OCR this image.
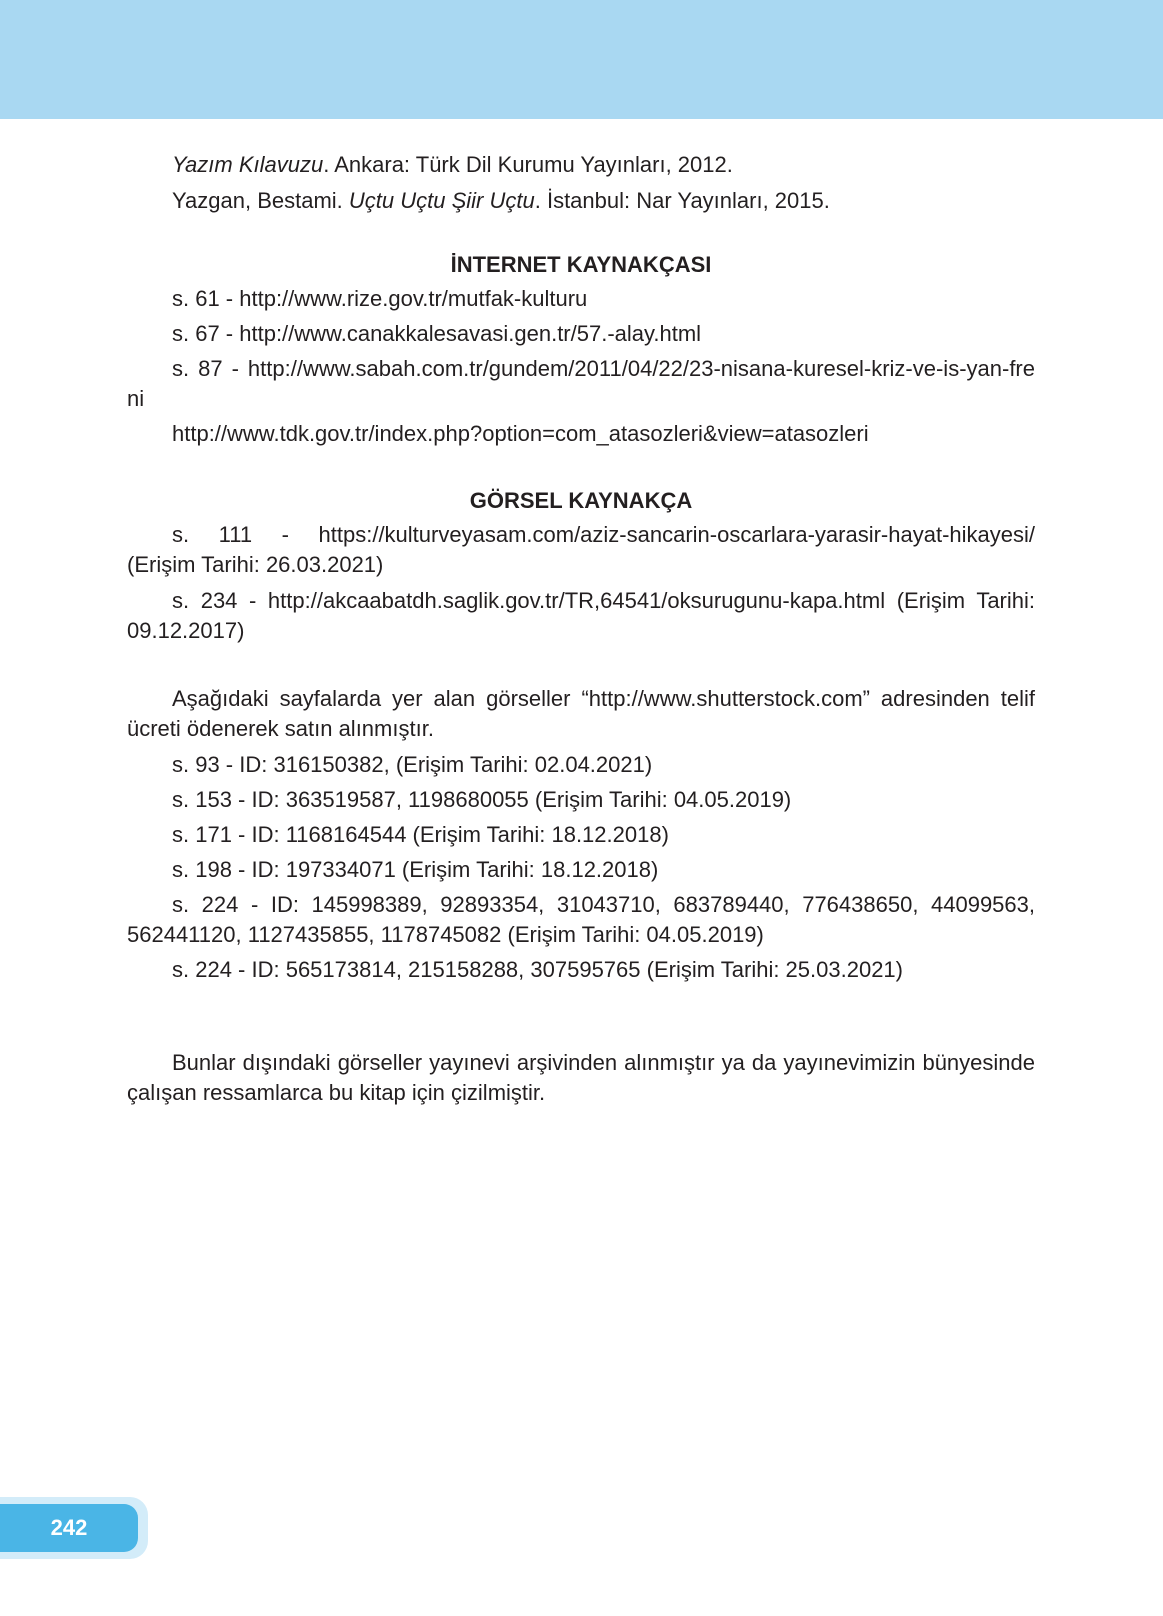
Yazım Kılavuzu. Ankara: Türk Dil Kurumu Yayınları, 2012.

Yazgan, Bestami. Uçtu Uçtu Şiir Uçtu. İstanbul: Nar Yayınları, 2015.

İNTERNET KAYNAKÇASI

s. 61 - http://www.rize.gov.tr/mutfak-kulturu

s. 67 - http://www.canakkalesavasi.gen.tr/57.-alay.html

s. 87 - http://www.sabah.com.tr/gundem/2011/04/22/23-nisana-kuresel-kriz-ve-is-yan-freni

http://www.tdk.gov.tr/index.php?option=com_atasozleri&view=atasozleri

GÖRSEL KAYNAKÇA

s. 111 - https://kulturveyasam.com/aziz-sancarin-oscarlara-yarasir-hayat-hikayesi/ (Erişim Tarihi: 26.03.2021)

s. 234 - http://akcaabatdh.saglik.gov.tr/TR,64541/oksurugunu-kapa.html (Erişim Tarihi: 09.12.2017)

Aşağıdaki sayfalarda yer alan görseller “http://www.shutterstock.com” adresinden telif ücreti ödenerek satın alınmıştır.

s. 93 - ID: 316150382, (Erişim Tarihi: 02.04.2021)

s. 153 - ID: 363519587, 1198680055 (Erişim Tarihi: 04.05.2019)

s. 171 - ID: 1168164544 (Erişim Tarihi: 18.12.2018)

s. 198 - ID: 197334071 (Erişim Tarihi: 18.12.2018)

s. 224 - ID: 145998389, 92893354, 31043710, 683789440, 776438650, 44099563, 562441120, 1127435855, 1178745082 (Erişim Tarihi: 04.05.2019)

s. 224 - ID: 565173814, 215158288, 307595765 (Erişim Tarihi: 25.03.2021)

Bunlar dışındaki görseller yayınevi arşivinden alınmıştır ya da yayınevimizin bünyesinde çalışan ressamlarca bu kitap için çizilmiştir.

242
